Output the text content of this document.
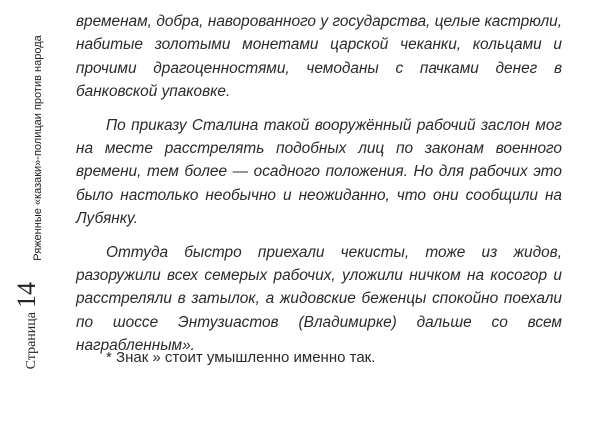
Ряженные «казаки»-полицаи против народа
Страница
14

временам, добра, наворованного у государства, целые кастрюли, набитые золотыми монетами царской чеканки, кольцами и прочими драгоценностями, чемоданы с пачками денег в банковской упаковке.

По приказу Сталина такой вооружённый рабочий заслон мог на месте расстрелять подобных лиц по законам военного времени, тем более — осадного положения. Но для рабочих это было настолько необычно и неожиданно, что они сообщили на Лубянку.

Оттуда быстро приехали чекисты, тоже из жидов, разоружили всех семерых рабочих, уложили ничком на косогор и расстреляли в затылок, а жидовские беженцы спокойно поехали по шоссе Энтузиастов (Владимирке) дальше со всем награбленным».

* Знак » стоит умышленно именно так.
